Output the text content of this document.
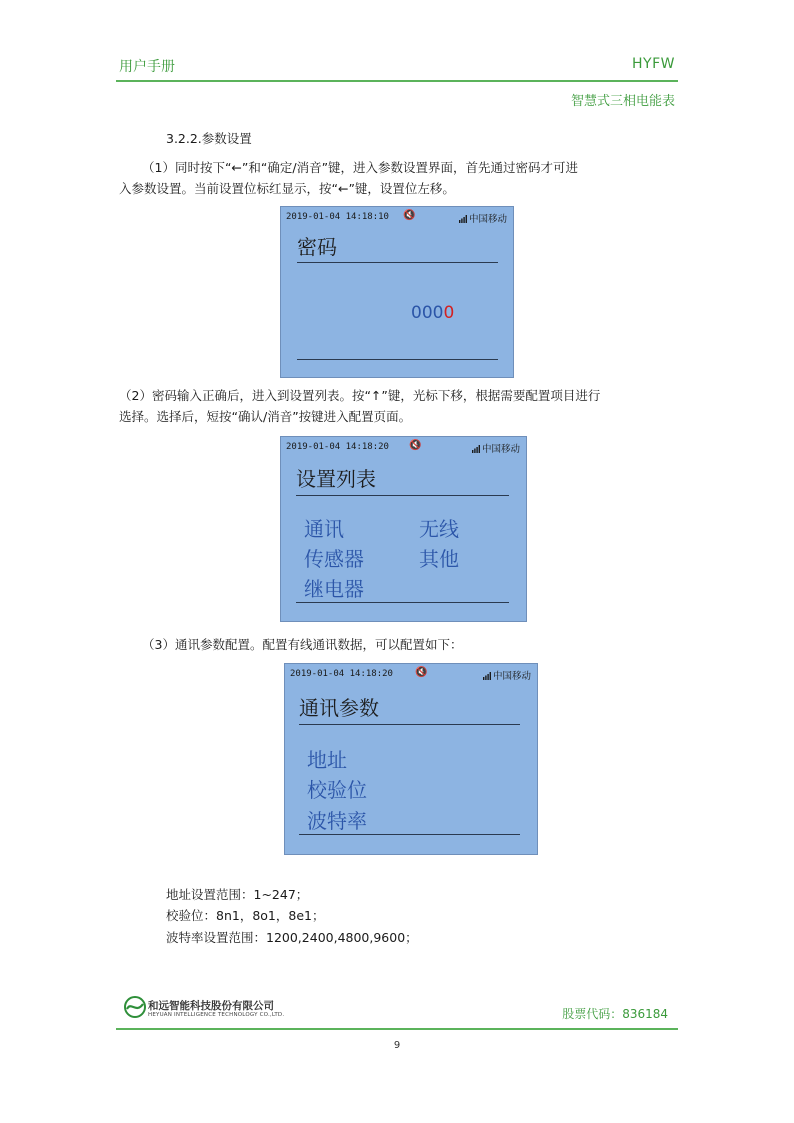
用户手册	HYFW
智慧式三相电能表
3.2.2.参数设置
（1）同时按下“←”和“确定/消音”键，进入参数设置界面，首先通过密码才可进
入参数设置。当前设置位标红显示，按“←”键，设置位左移。
2019-01-04 14:18:10 🔇	中国移动
密码
0000
（2）密码输入正确后，进入到设置列表。按“↑”键，光标下移，根据需要配置项目进行
选择。选择后，短按“确认/消音”按键进入配置页面。
2019-01-04 14:18:20 🔇	中国移动
设置列表
通讯	无线
传感器	其他
继电器
（3）通讯参数配置。配置有线通讯数据，可以配置如下：
2019-01-04 14:18:20 🔇	中国移动
通讯参数
地址
校验位
波特率
地址设置范围：1~247；
校验位：8n1，8o1，8e1；
波特率设置范围：1200,2400,4800,9600；
和远智能科技股份有限公司
HEYUAN INTELLIGENCE TECHNOLOGY CO.,LTD.	股票代码：836184
9
